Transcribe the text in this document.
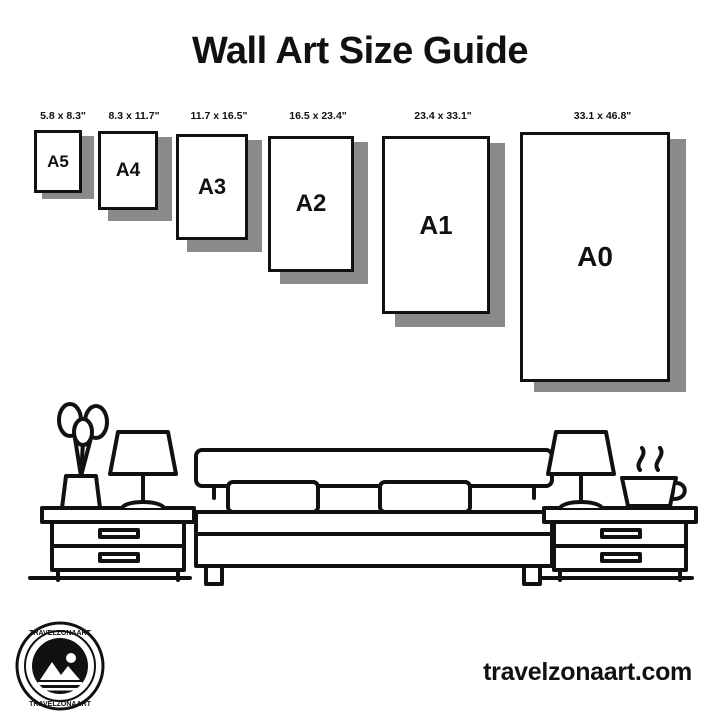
Wall Art Size Guide
5.8 x 8.3"
A5
8.3 x 11.7"
A4
11.7 x 16.5"
A3
16.5 x 23.4"
A2
23.4 x 33.1"
A1
33.1 x 46.8"
A0
TRAVELZONAART
TRAVELZONAART
travelzonaart.com
